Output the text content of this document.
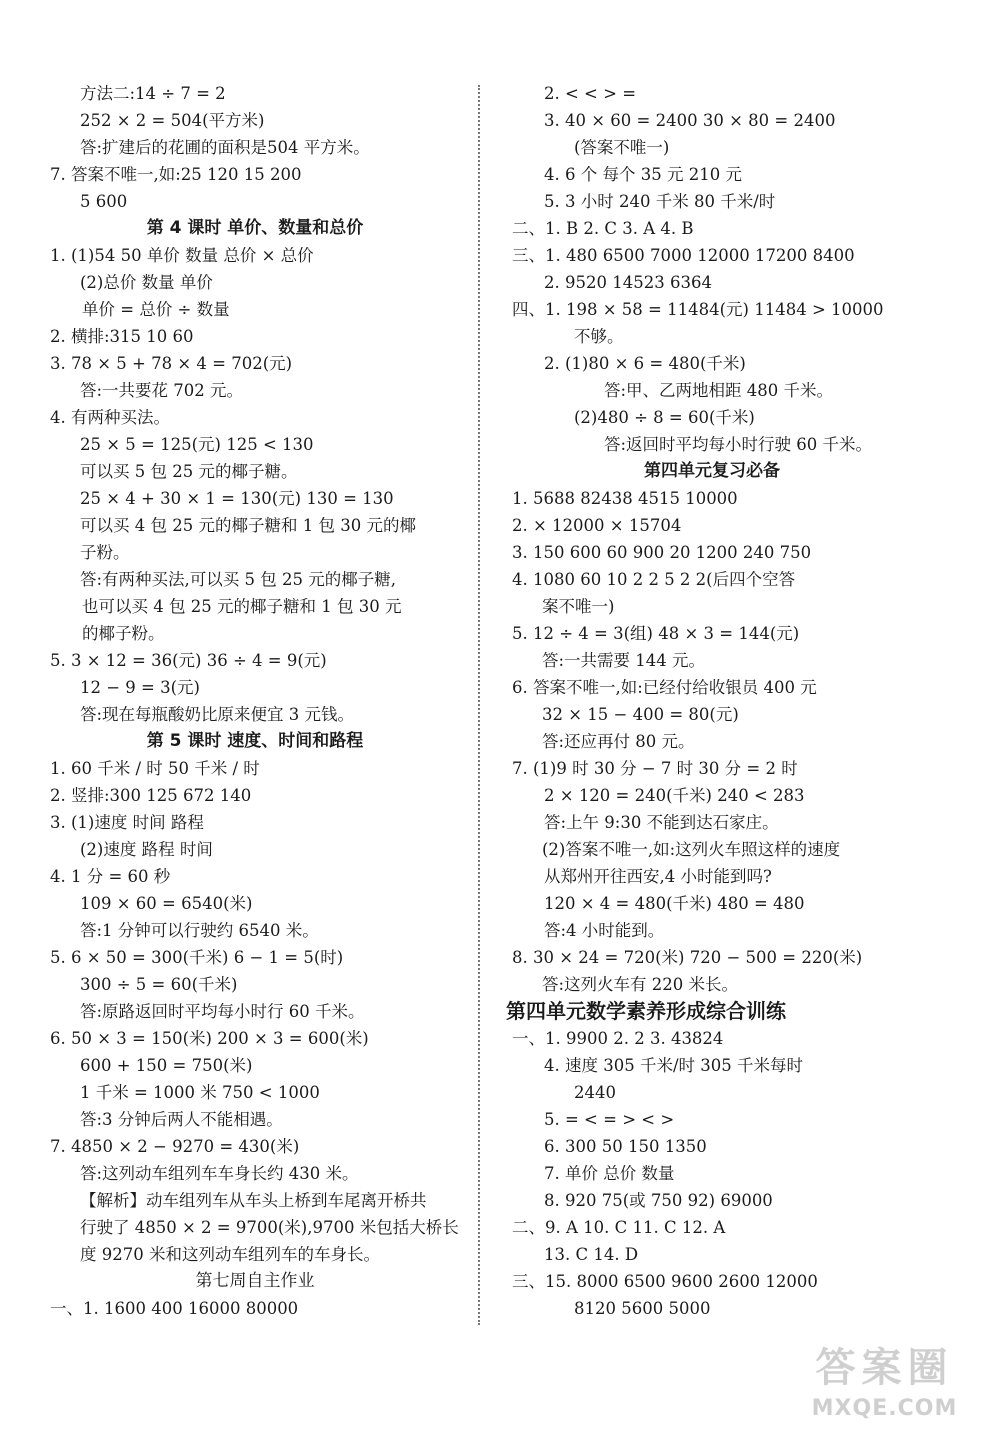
方法二:14 ÷ 7 = 2
252 × 2 = 504(平方米)
答:扩建后的花圃的面积是504 平方米。
7. 答案不唯一,如:25 120 15 200
5 600
第 4 课时 单价、数量和总价
1. (1)54 50 单价 数量 总价 × 总价
(2)总价 数量 单价
单价 = 总价 ÷ 数量
2. 横排:315 10 60
3. 78 × 5 + 78 × 4 = 702(元)
答:一共要花 702 元。
4. 有两种买法。
25 × 5 = 125(元) 125 < 130
可以买 5 包 25 元的椰子糖。
25 × 4 + 30 × 1 = 130(元) 130 = 130
可以买 4 包 25 元的椰子糖和 1 包 30 元的椰
子粉。
答:有两种买法,可以买 5 包 25 元的椰子糖,
也可以买 4 包 25 元的椰子糖和 1 包 30 元
的椰子粉。
5. 3 × 12 = 36(元) 36 ÷ 4 = 9(元)
12 − 9 = 3(元)
答:现在每瓶酸奶比原来便宜 3 元钱。
第 5 课时 速度、时间和路程
1. 60 千米 / 时 50 千米 / 时
2. 竖排:300 125 672 140
3. (1)速度 时间 路程
(2)速度 路程 时间
4. 1 分 = 60 秒
109 × 60 = 6540(米)
答:1 分钟可以行驶约 6540 米。
5. 6 × 50 = 300(千米) 6 − 1 = 5(时)
300 ÷ 5 = 60(千米)
答:原路返回时平均每小时行 60 千米。
6. 50 × 3 = 150(米) 200 × 3 = 600(米)
600 + 150 = 750(米)
1 千米 = 1000 米 750 < 1000
答:3 分钟后两人不能相遇。
7. 4850 × 2 − 9270 = 430(米)
答:这列动车组列车车身长约 430 米。
【解析】动车组列车从车头上桥到车尾离开桥共
行驶了 4850 × 2 = 9700(米),9700 米包括大桥长
度 9270 米和这列动车组列车的车身长。
第七周自主作业
一、1. 1600 400 16000 80000
2. < < > =
3. 40 × 60 = 2400 30 × 80 = 2400
(答案不唯一)
4. 6 个 每个 35 元 210 元
5. 3 小时 240 千米 80 千米/时
二、1. B 2. C 3. A 4. B
三、1. 480 6500 7000 12000 17200 8400
2. 9520 14523 6364
四、1. 198 × 58 = 11484(元) 11484 > 10000
不够。
2. (1)80 × 6 = 480(千米)
答:甲、乙两地相距 480 千米。
(2)480 ÷ 8 = 60(千米)
答:返回时平均每小时行驶 60 千米。
第四单元复习必备
1. 5688 82438 4515 10000
2. × 12000 × 15704
3. 150 600 60 900 20 1200 240 750
4. 1080 60 10 2 2 5 2 2(后四个空答
案不唯一)
5. 12 ÷ 4 = 3(组) 48 × 3 = 144(元)
答:一共需要 144 元。
6. 答案不唯一,如:已经付给收银员 400 元
32 × 15 − 400 = 80(元)
答:还应再付 80 元。
7. (1)9 时 30 分 − 7 时 30 分 = 2 时
2 × 120 = 240(千米) 240 < 283
答:上午 9:30 不能到达石家庄。
(2)答案不唯一,如:这列火车照这样的速度
从郑州开往西安,4 小时能到吗?
120 × 4 = 480(千米) 480 = 480
答:4 小时能到。
8. 30 × 24 = 720(米) 720 − 500 = 220(米)
答:这列火车有 220 米长。
第四单元数学素养形成综合训练
一、1. 9900 2. 2 3. 43824
4. 速度 305 千米/时 305 千米每时
2440
5. = < = > < >
6. 300 50 150 1350
7. 单价 总价 数量
8. 920 75(或 750 92) 69000
二、9. A 10. C 11. C 12. A
13. C 14. D
三、15. 8000 6500 9600 2600 12000
8120 5600 5000
答案圈
MXQE.COM
